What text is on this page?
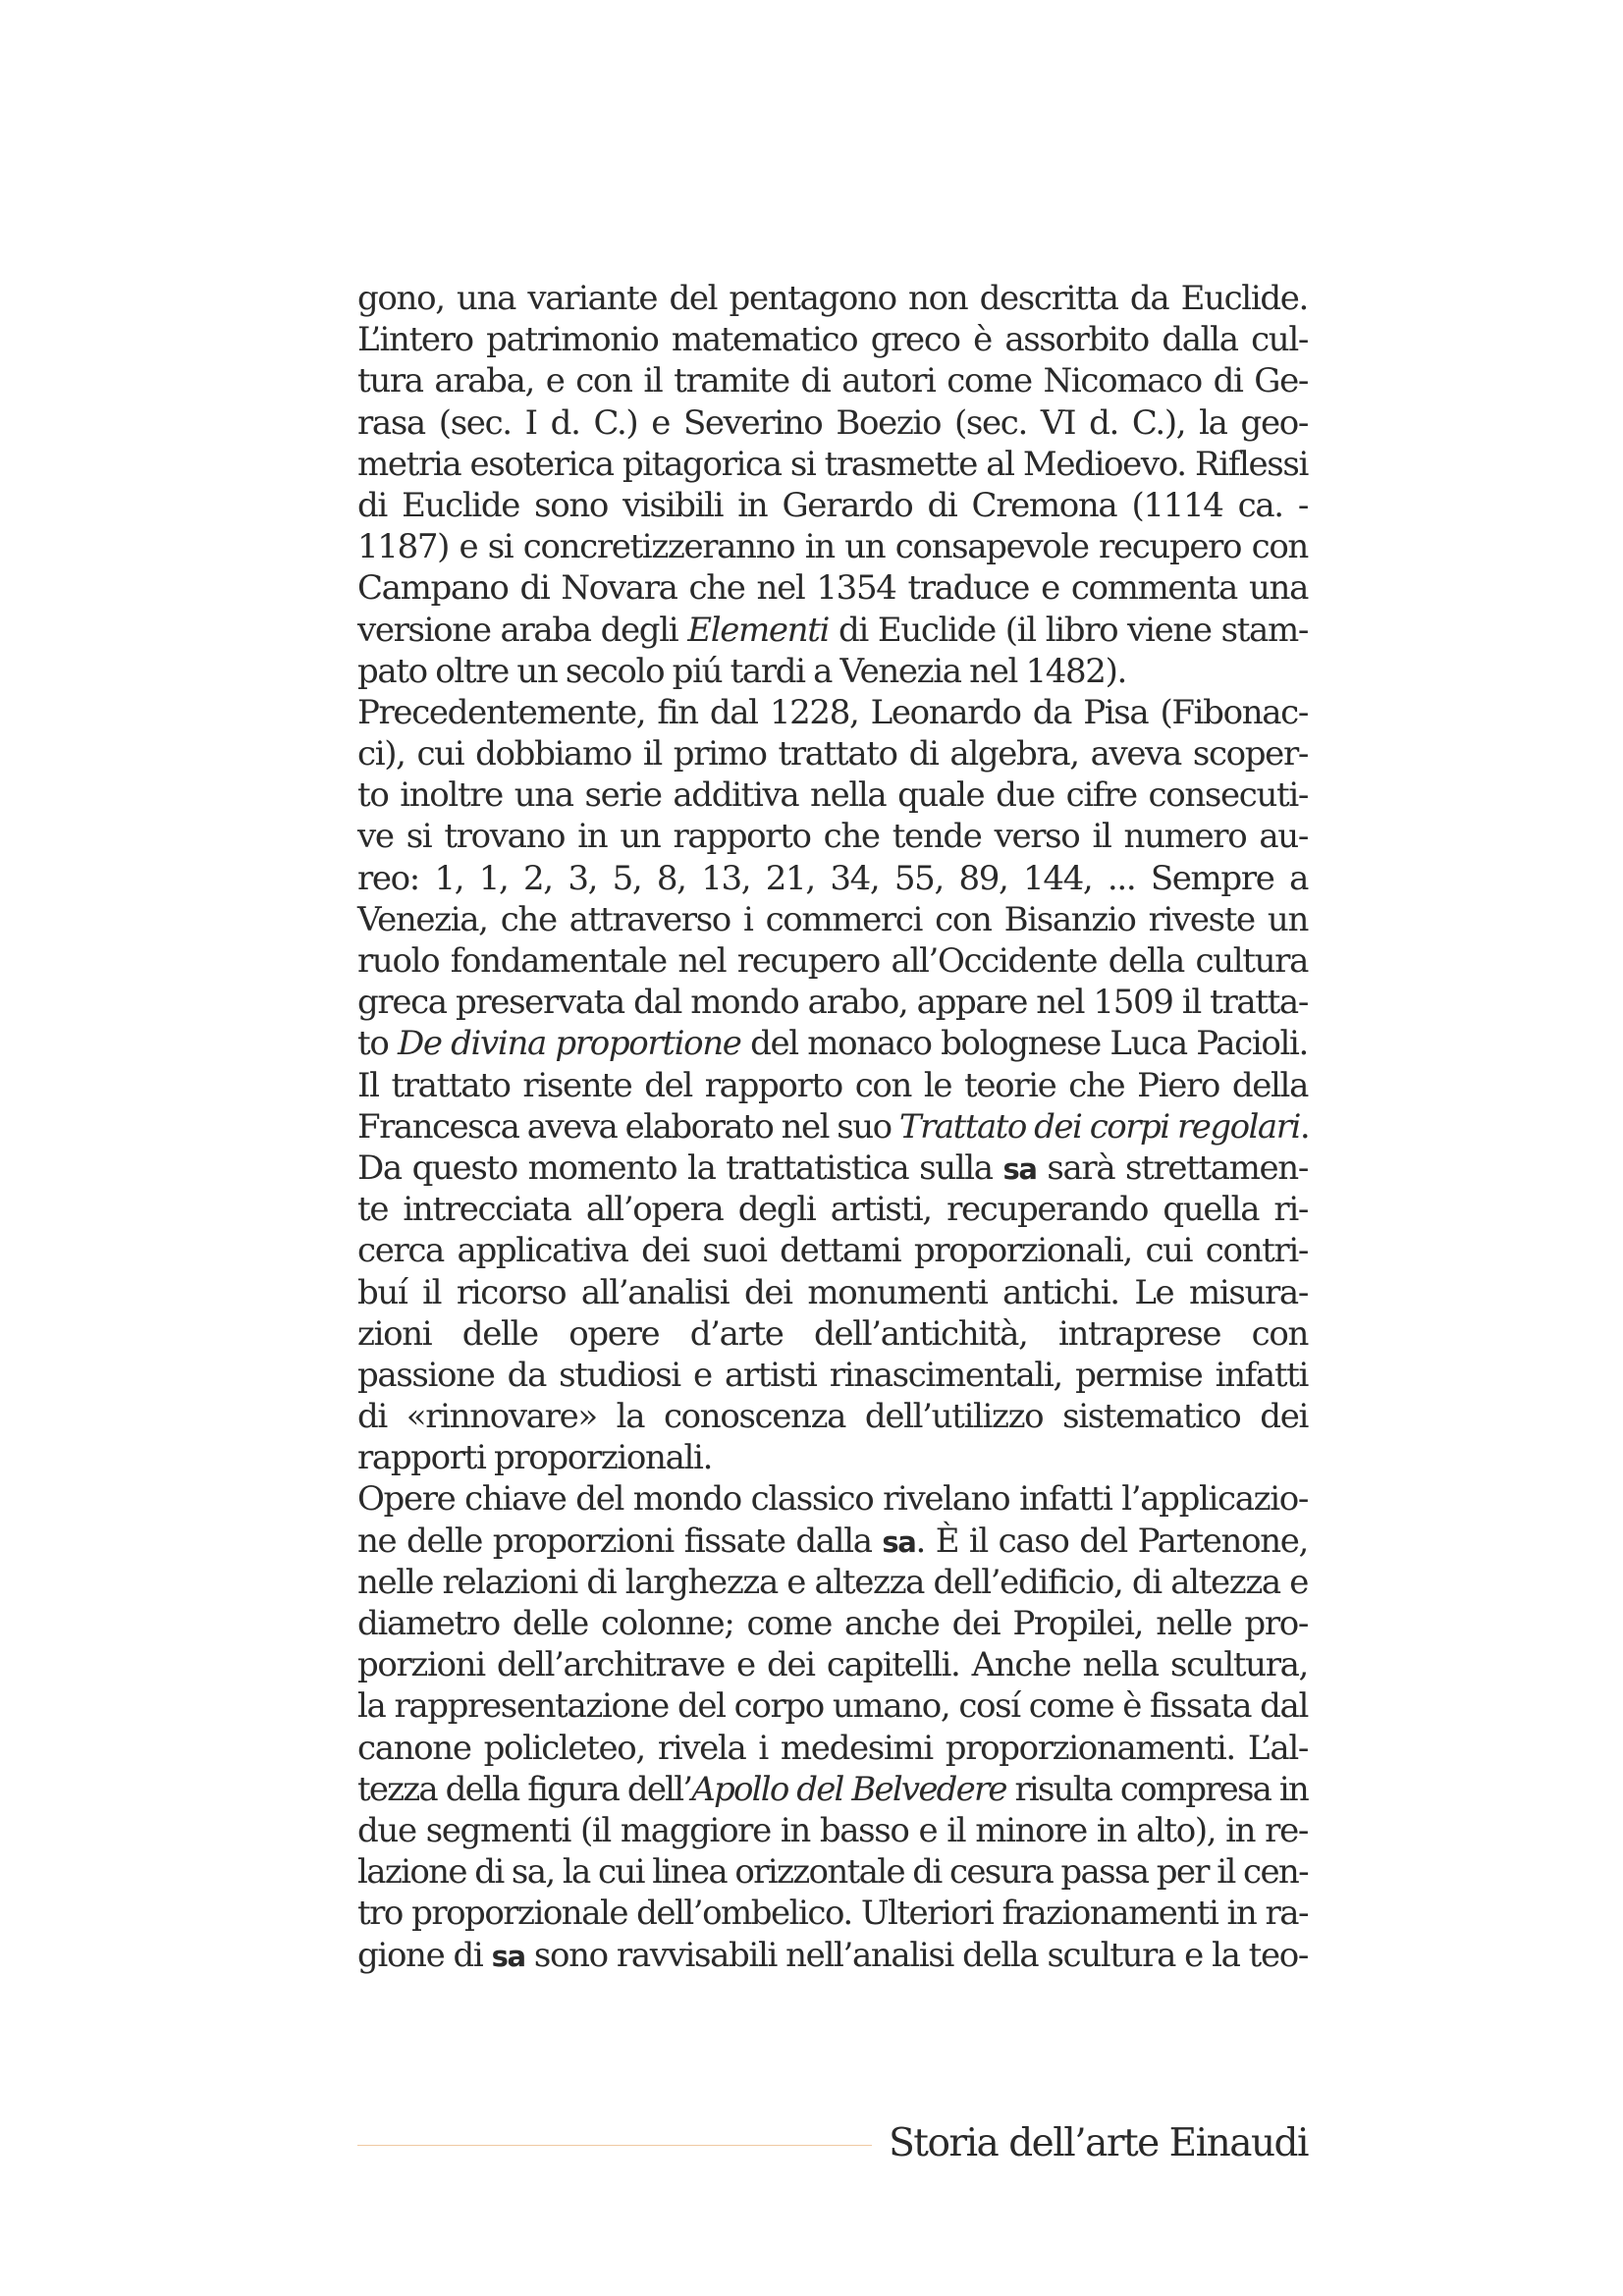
gono, una variante del pentagono non descritta da Euclide.
L’intero patrimonio matematico greco è assorbito dalla cul-
tura araba, e con il tramite di autori come Nicomaco di Ge-
rasa (sec. I d. C.) e Severino Boezio (sec. VI d. C.), la geo-
metria esoterica pitagorica si trasmette al Medioevo. Riflessi
di Euclide sono visibili in Gerardo di Cremona (1114 ca. -
1187) e si concretizzeranno in un consapevole recupero con
Campano di Novara che nel 1354 traduce e commenta una
versione araba degli Elementi di Euclide (il libro viene stam-
pato oltre un secolo piú tardi a Venezia nel 1482).
Precedentemente, fin dal 1228, Leonardo da Pisa (Fibonac-
ci), cui dobbiamo il primo trattato di algebra, aveva scoper-
to inoltre una serie additiva nella quale due cifre consecuti-
ve si trovano in un rapporto che tende verso il numero au-
reo: 1, 1, 2, 3, 5, 8, 13, 21, 34, 55, 89, 144, ... Sempre a
Venezia, che attraverso i commerci con Bisanzio riveste un
ruolo fondamentale nel recupero all’Occidente della cultura
greca preservata dal mondo arabo, appare nel 1509 il tratta-
to De divina proportione del monaco bolognese Luca Pacioli.
Il trattato risente del rapporto con le teorie che Piero della
Francesca aveva elaborato nel suo Trattato dei corpi regolari.
Da questo momento la trattatistica sulla sa sarà strettamen-
te intrecciata all’opera degli artisti, recuperando quella ri-
cerca applicativa dei suoi dettami proporzionali, cui contri-
buí il ricorso all’analisi dei monumenti antichi. Le misura-
zioni delle opere d’arte dell’antichità, intraprese con
passione da studiosi e artisti rinascimentali, permise infatti
di «rinnovare» la conoscenza dell’utilizzo sistematico dei
rapporti proporzionali.
Opere chiave del mondo classico rivelano infatti l’applicazio-
ne delle proporzioni fissate dalla sa. È il caso del Partenone,
nelle relazioni di larghezza e altezza dell’edificio, di altezza e
diametro delle colonne; come anche dei Propilei, nelle pro-
porzioni dell’architrave e dei capitelli. Anche nella scultura,
la rappresentazione del corpo umano, cosí come è fissata dal
canone policleteo, rivela i medesimi proporzionamenti. L’al-
tezza della figura dell’Apollo del Belvedere risulta compresa in
due segmenti (il maggiore in basso e il minore in alto), in re-
lazione di sa, la cui linea orizzontale di cesura passa per il cen-
tro proporzionale dell’ombelico. Ulteriori frazionamenti in ra-
gione di sa sono ravvisabili nell’analisi della scultura e la teo-
Storia dell’arte Einaudi
